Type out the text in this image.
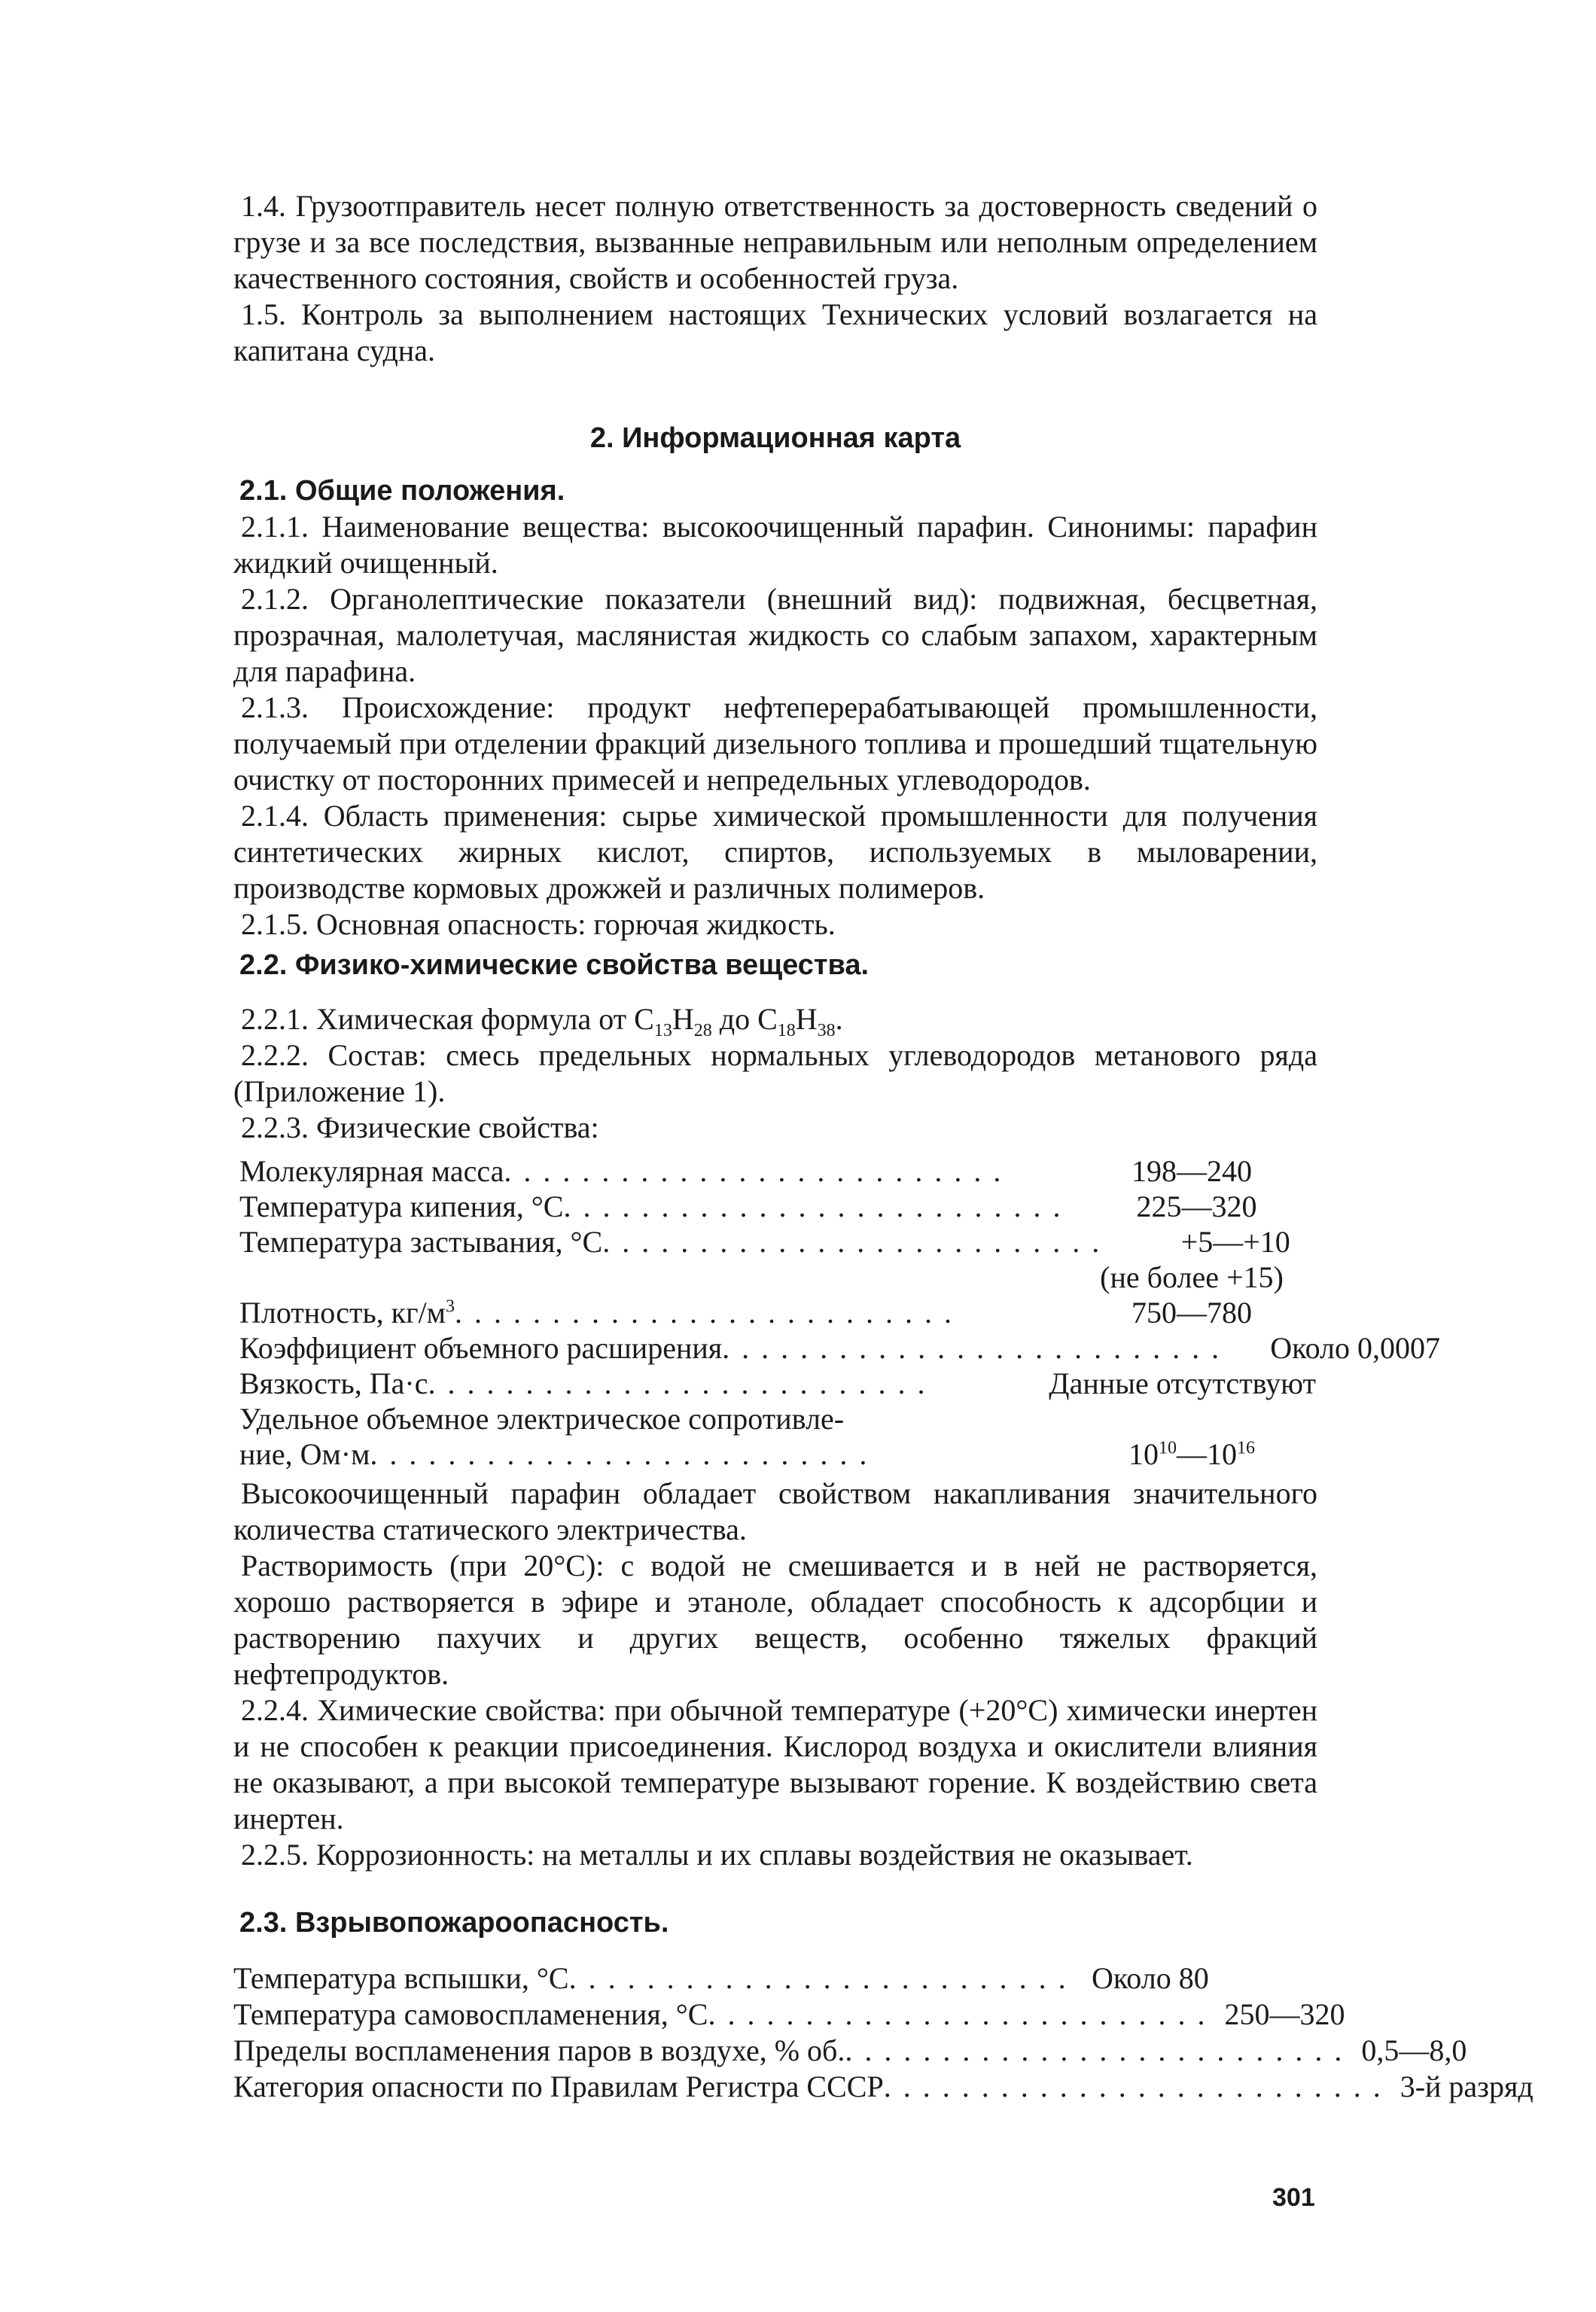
1.4. Грузоотправитель несет полную ответственность за достоверность сведений о грузе и за все последствия, вызванные неправильным или неполным определением качественного состояния, свойств и особенностей груза.

1.5. Контроль за выполнением настоящих Технических условий возлагается на капитана судна.

2. Информационная карта
2.1. Общие положения.

2.1.1. Наименование вещества: высокоочищенный парафин. Синонимы: парафин жидкий очищенный.

2.1.2. Органолептические показатели (внешний вид): подвижная, бесцветная, прозрачная, малолетучая, маслянистая жидкость со слабым запахом, характерным для парафина.

2.1.3. Происхождение: продукт нефтеперерабатывающей промышленности, получаемый при отделении фракций дизельного топлива и прошедший тщательную очистку от посторонних примесей и непредельных углеводородов.

2.1.4. Область применения: сырье химической промышленности для получения синтетических жирных кислот, спиртов, используемых в мыловарении, производстве кормовых дрожжей и различных полимеров.

2.1.5. Основная опасность: горючая жидкость.

2.2. Физико-химические свойства вещества.

2.2.1. Химическая формула от $C_{13}H_{28}$ до $C_{18}H_{38}$.

2.2.2. Состав: смесь предельных нормальных углеводородов метанового ряда (Приложение 1).

2.2.3. Физические свойства:

Молекулярная масса ..........................	198—240
Температура кипения, °С ..........................	225—320
Температура застывания, °С ..........................	+5—+10
(не более +15)
Плотность, $кг/м^3$ ..........................	750—780
Коэффициент объемного расширения ..........................	Около 0,0007
Вязкость, Па·с ..........................	Данные отсутствуют
Удельное объемное электрическое сопротивле-
ние, Ом·м ..........................	$10^{10}—10^{16}$

Высокоочищенный парафин обладает свойством накапливания значительного количества статического электричества.

Растворимость (при 20°С): с водой не смешивается и в ней не растворяется, хорошо растворяется в эфире и этаноле, обладает способность к адсорбции и растворению пахучих и других веществ, особенно тяжелых фракций нефтепродуктов.

2.2.4. Химические свойства: при обычной температуре (+20°С) химически инертен и не способен к реакции присоединения. Кислород воздуха и окислители влияния не оказывают, а при высокой температуре вызывают горение. К воздействию света инертен.

2.2.5. Коррозионность: на металлы и их сплавы воздействия не оказывает.

2.3. Взрывопожароопасность.
Температура вспышки, °С .......................... Около 80
Температура самовоспламенения, °С .......................... 250—320
Пределы воспламенения паров в воздухе, % об. .......................... 0,5—8,0
Категория опасности по Правилам Регистра СССР .......................... 3-й разряд
301
